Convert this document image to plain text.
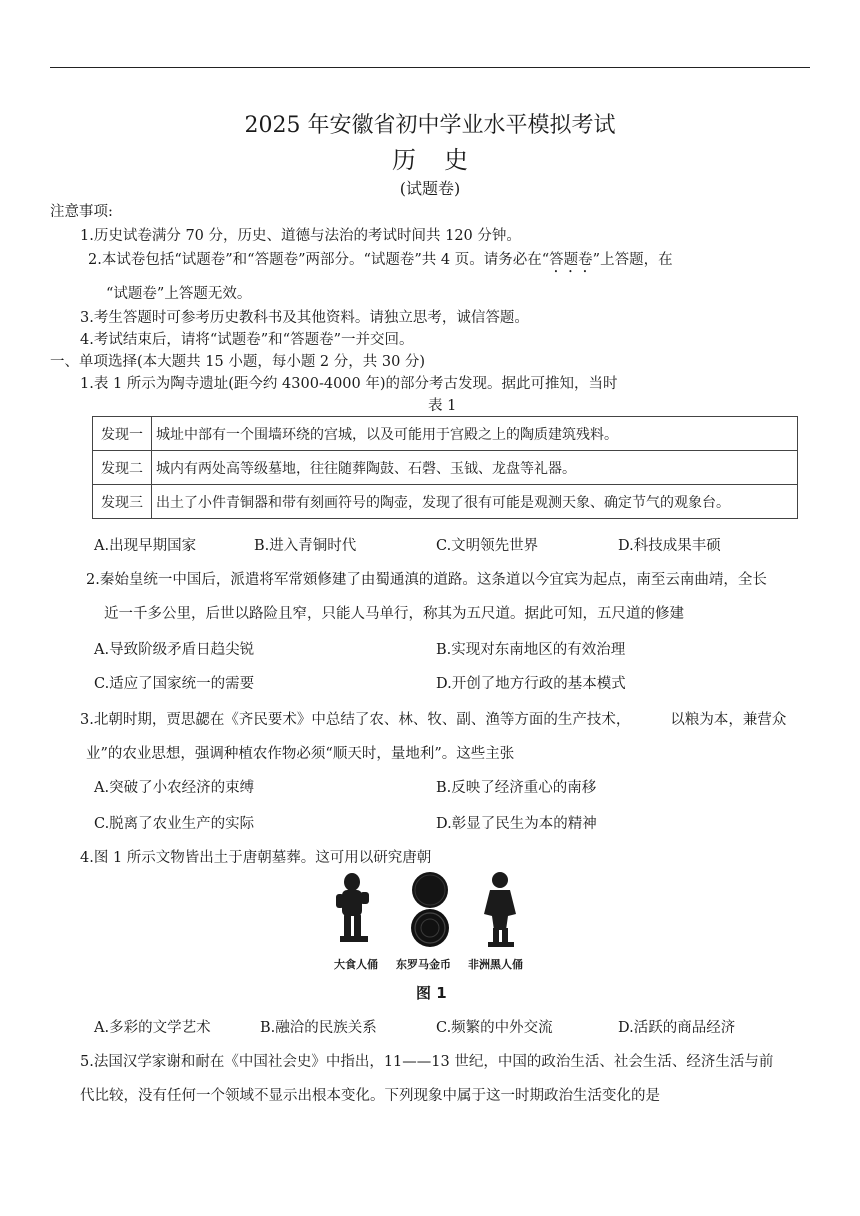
2025 年安徽省初中学业水平模拟考试
历史
(试题卷)
注意事项:
1.历史试卷满分 70 分，历史、道德与法治的考试时间共 120 分钟。
2.本试卷包括“试题卷”和“答题卷”两部分。“试题卷”共 4 页。请务必在“答题卷”上答题，在
“试题卷”上答题无效。
3.考生答题时可参考历史教科书及其他资料。请独立思考，诚信答题。
4.考试结束后，请将“试题卷”和“答题卷”一并交回。
一、单项选择(本大题共 15 小题，每小题 2 分，共 30 分)
1.表 1 所示为陶寺遗址(距今约 4300-4000 年)的部分考古发现。据此可推知，当时
表 1
发现一	城址中部有一个围墙环绕的宫城，以及可能用于宫殿之上的陶质建筑残料。
发现二	城内有两处高等级墓地，往往随葬陶鼓、石磬、玉钺、龙盘等礼器。
发现三	出土了小件青铜器和带有刻画符号的陶壶，发现了很有可能是观测天象、确定节气的观象台。
A.出现早期国家	B.进入青铜时代	C.文明领先世界	D.科技成果丰硕
2.秦始皇统一中国后，派遣将军常頞修建了由蜀通滇的道路。这条道以今宜宾为起点，南至云南曲靖，全长
近一千多公里，后世以路险且窄，只能人马单行，称其为五尺道。据此可知，五尺道的修建
A.导致阶级矛盾日趋尖锐	B.实现对东南地区的有效治理
C.适应了国家统一的需要	D.开创了地方行政的基本模式
3.北朝时期，贾思勰在《齐民要术》中总结了农、林、牧、副、渔等方面的生产技术，	以粮为本，兼营众
业”的农业思想，强调种植农作物必须“顺天时，量地利”。这些主张
A.突破了小农经济的束缚	B.反映了经济重心的南移
C.脱离了农业生产的实际	D.彰显了民生为本的精神
4.图 1 所示文物皆出土于唐朝墓葬。这可用以研究唐朝
大食人俑 东罗马金币 非洲黑人俑
图 1
A.多彩的文学艺术	B.融洽的民族关系	C.频繁的中外交流	D.活跃的商品经济
5.法国汉学家谢和耐在《中国社会史》中指出，11——13 世纪，中国的政治生活、社会生活、经济生活与前
代比较，没有任何一个领域不显示出根本变化。下列现象中属于这一时期政治生活变化的是
